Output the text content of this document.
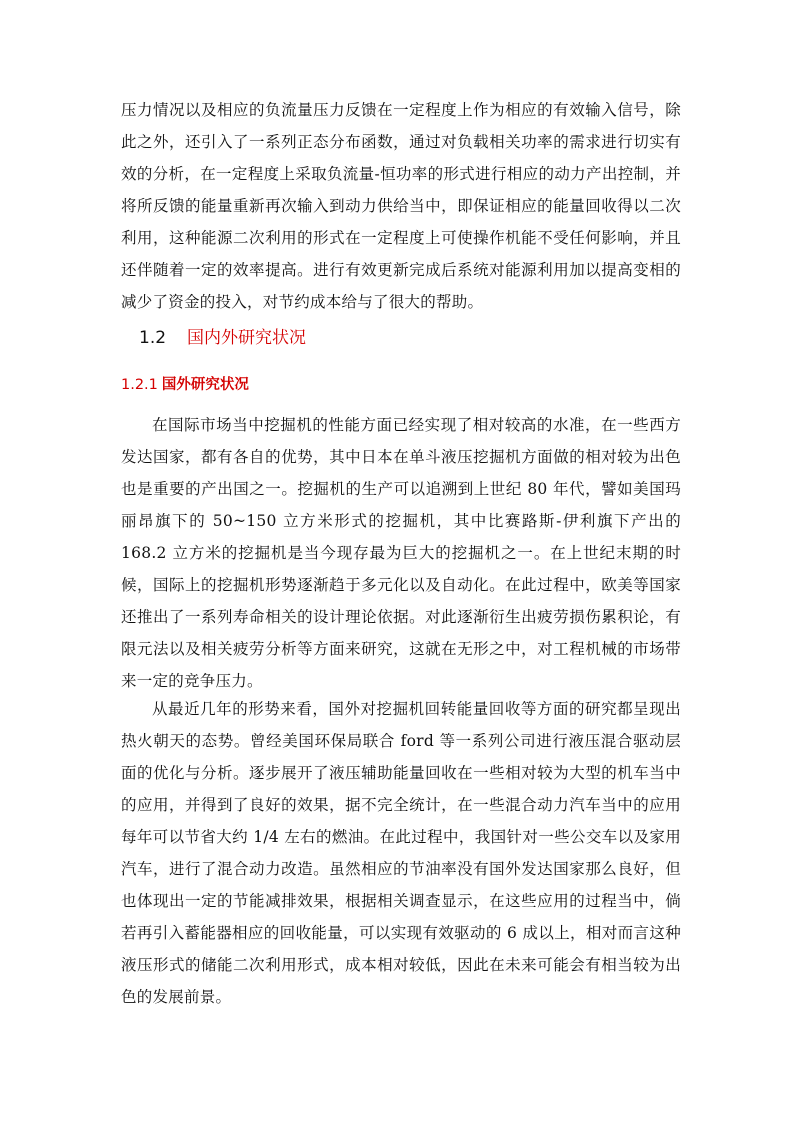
压力情况以及相应的负流量压力反馈在一定程度上作为相应的有效输入信号，除此之外，还引入了一系列正态分布函数，通过对负载相关功率的需求进行切实有效的分析，在一定程度上采取负流量-恒功率的形式进行相应的动力产出控制，并将所反馈的能量重新再次输入到动力供给当中，即保证相应的能量回收得以二次利用，这种能源二次利用的形式在一定程度上可使操作机能不受任何影响，并且还伴随着一定的效率提高。进行有效更新完成后系统对能源利用加以提高变相的减少了资金的投入，对节约成本给与了很大的帮助。

1.2 国内外研究状况
1.2.1 国外研究状况

在国际市场当中挖掘机的性能方面已经实现了相对较高的水准，在一些西方发达国家，都有各自的优势，其中日本在单斗液压挖掘机方面做的相对较为出色也是重要的产出国之一。挖掘机的生产可以追溯到上世纪 80 年代，譬如美国玛丽昂旗下的 50~150 立方米形式的挖掘机，其中比赛路斯-伊利旗下产出的 168.2 立方米的挖掘机是当今现存最为巨大的挖掘机之一。在上世纪末期的时候，国际上的挖掘机形势逐渐趋于多元化以及自动化。在此过程中，欧美等国家还推出了一系列寿命相关的设计理论依据。对此逐渐衍生出疲劳损伤累积论，有限元法以及相关疲劳分析等方面来研究，这就在无形之中，对工程机械的市场带来一定的竞争压力。

从最近几年的形势来看，国外对挖掘机回转能量回收等方面的研究都呈现出热火朝天的态势。曾经美国环保局联合 ford 等一系列公司进行液压混合驱动层面的优化与分析。逐步展开了液压辅助能量回收在一些相对较为大型的机车当中的应用，并得到了良好的效果，据不完全统计，在一些混合动力汽车当中的应用每年可以节省大约 1/4 左右的燃油。在此过程中，我国针对一些公交车以及家用汽车，进行了混合动力改造。虽然相应的节油率没有国外发达国家那么良好，但也体现出一定的节能减排效果，根据相关调查显示，在这些应用的过程当中，倘若再引入蓄能器相应的回收能量，可以实现有效驱动的 6 成以上，相对而言这种液压形式的储能二次利用形式，成本相对较低，因此在未来可能会有相当较为出色的发展前景。
